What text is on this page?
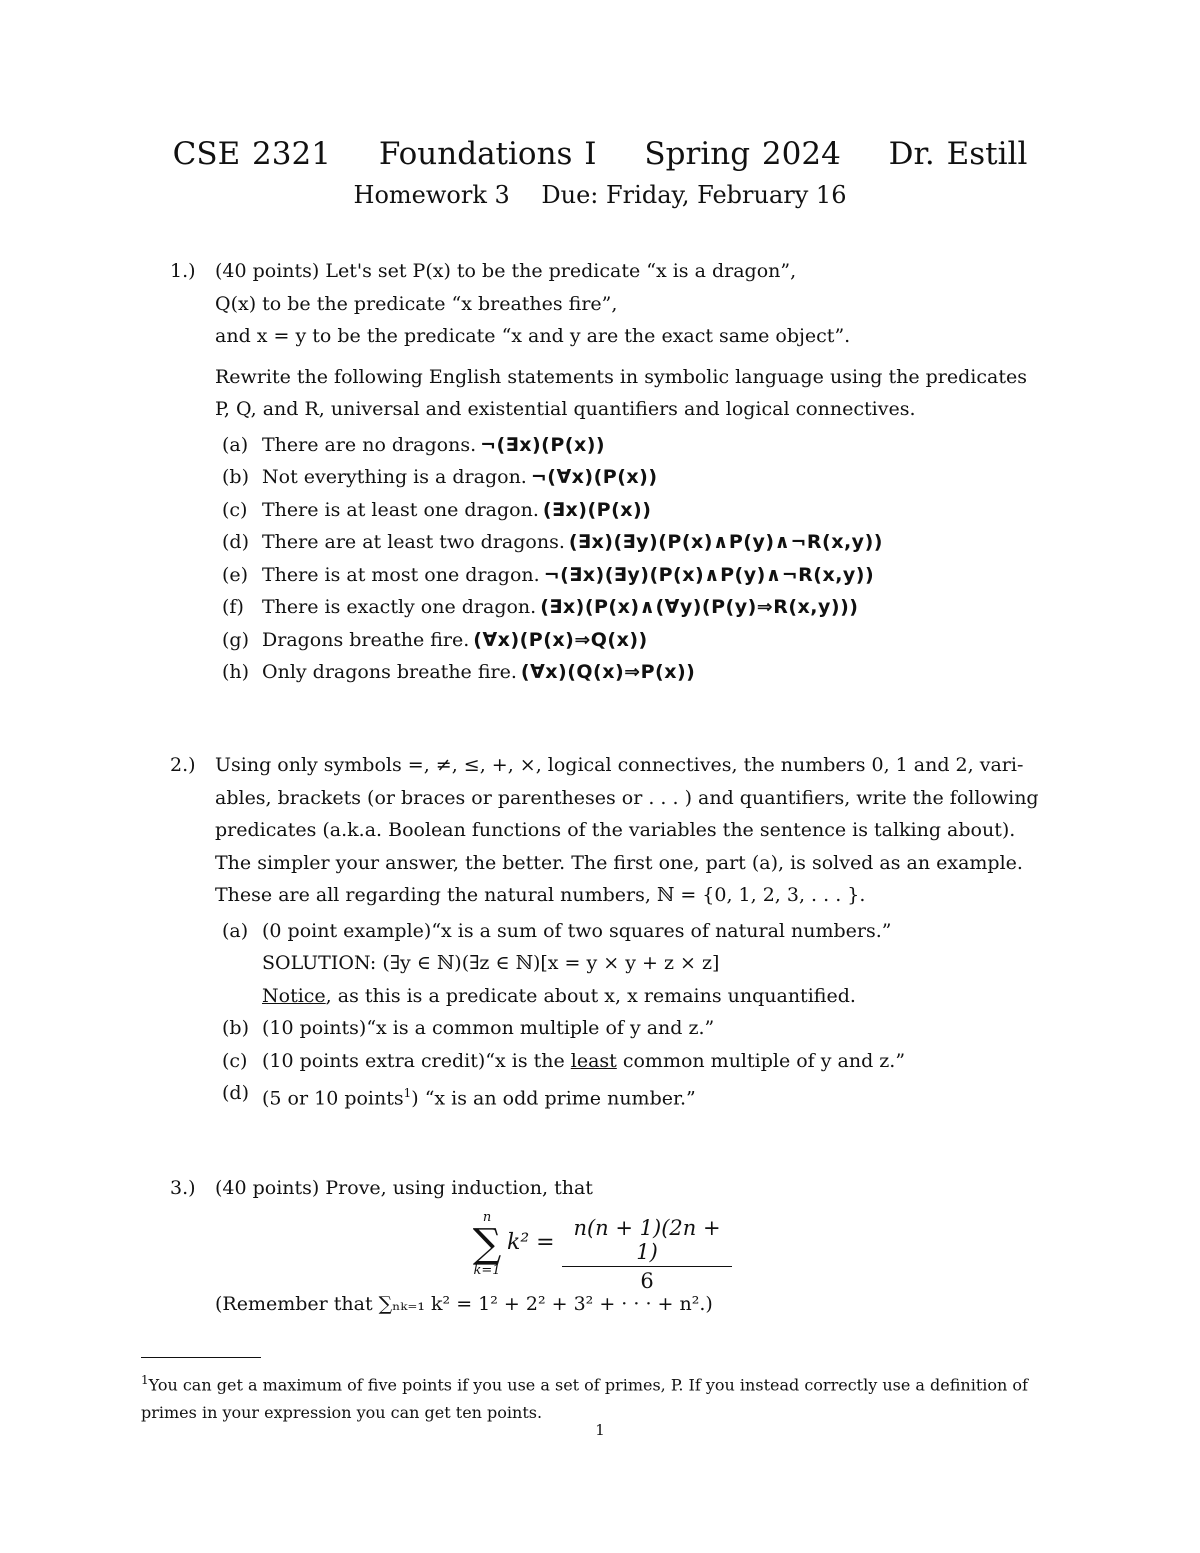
CSE 2321 Foundations I Spring 2024 Dr. Estill
Homework 3 Due: Friday, February 16
1.) (40 points) Let's set P(x) to be the predicate “x is a dragon”,
Q(x) to be the predicate “x breathes fire”,
and x = y to be the predicate “x and y are the exact same object”.
Rewrite the following English statements in symbolic language using the predicates
P, Q, and R, universal and existential quantifiers and logical connectives.
(a) There are no dragons. ¬(∃x)(P(x))
(b) Not everything is a dragon. ¬(∀x)(P(x))
(c) There is at least one dragon. (∃x)(P(x))
(d) There are at least two dragons. (∃x)(∃y)(P(x)∧P(y)∧¬R(x,y))
(e) There is at most one dragon. ¬(∃x)(∃y)(P(x)∧P(y)∧¬R(x,y))
(f) There is exactly one dragon. (∃x)(P(x)∧(∀y)(P(y)⇒R(x,y)))
(g) Dragons breathe fire. (∀x)(P(x)⇒Q(x))
(h) Only dragons breathe fire. (∀x)(Q(x)⇒P(x))
2.) Using only symbols =, ≠, ≤, +, ×, logical connectives, the numbers 0, 1 and 2, vari-
ables, brackets (or braces or parentheses or . . . ) and quantifiers, write the following
predicates (a.k.a. Boolean functions of the variables the sentence is talking about).
The simpler your answer, the better. The first one, part (a), is solved as an example.
These are all regarding the natural numbers, ℕ = {0, 1, 2, 3, . . . }.
(a) (0 point example)“x is a sum of two squares of natural numbers.”
SOLUTION: (∃y ∈ ℕ)(∃z ∈ ℕ)[x = y × y + z × z]
Notice, as this is a predicate about x, x remains unquantified.
(b) (10 points)“x is a common multiple of y and z.”
(c) (10 points extra credit)“x is the least common multiple of y and z.”
(d) (5 or 10 points$^1$) “x is an odd prime number.”
3.) (40 points) Prove, using induction, that
n
∑
k=1
$k^2 = \frac{n(n + 1)(2n + 1)}{6}$
(Remember that ∑ₙₖ₌₁ k² = 1² + 2² + 3² + · · · + n².)
$^1$You can get a maximum of five points if you use a set of primes, P. If you instead correctly use a definition of primes in your expression you can get ten points.
1
